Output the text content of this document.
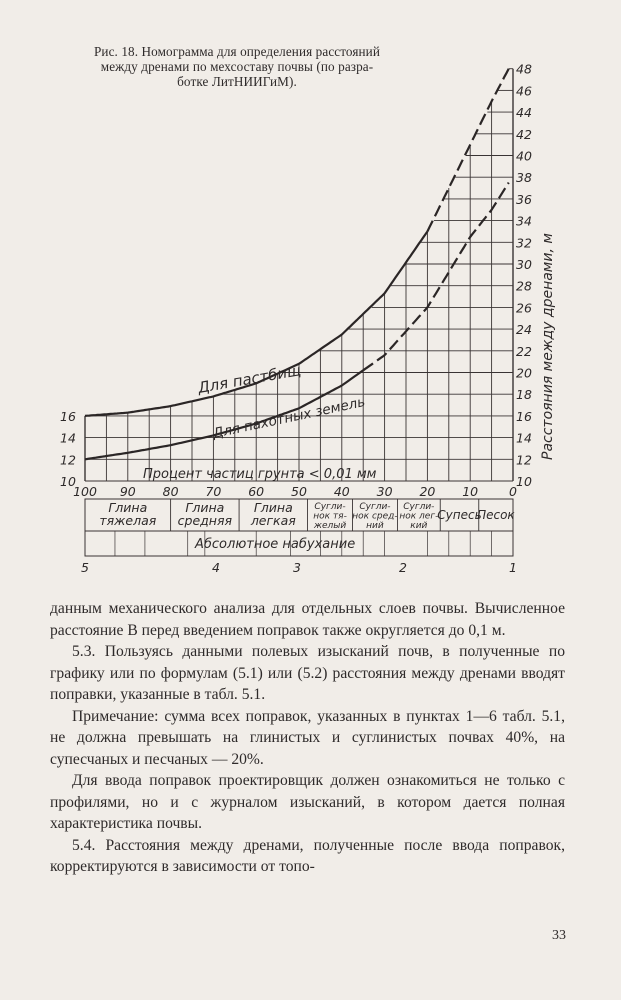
Рис. 18. Номограмма для определения расстояний
между дренами по мехсоставу почвы (по разра-
ботке ЛитНИИГиМ).
10
12
14
16
18
20
22
24
26
28
30
32
34
36
38
40
42
44
46
48
10
12
14
16
100 90 80 70 60 50 40 30 20 10 0
Глина
тяжелая
Глина
средняя
Глина
легкая
Сугли-
нок тя-
желый
Сугли-
нок сред-
ний
Сугли-
нок лег-
кий
Супесь
Песок
5	4	3	2	1
Для пастбищ
Для пахотных земель
Процент частиц грунта < 0,01 мм
Абсолютное набухание
Расстояния между дренами, м

данным механического анализа для отдельных слоев почвы. Вычисленное расстояние B перед введением поправок также округляется до 0,1 м.

5.3. Пользуясь данными полевых изысканий почв, в полученные по графику или по формулам (5.1) или (5.2) расстояния между дренами вводят поправки, указанные в табл. 5.1.

Примечание: сумма всех поправок, указанных в пунктах 1—6 табл. 5.1, не должна превышать на глинистых и суглинистых почвах 40%, на супесчаных и песчаных — 20%.

Для ввода поправок проектировщик должен ознакомиться не только с профилями, но и с журналом изысканий, в котором дается полная характеристика почвы.

5.4. Расстояния между дренами, полученные после ввода поправок, корректируются в зависимости от топо-

33
